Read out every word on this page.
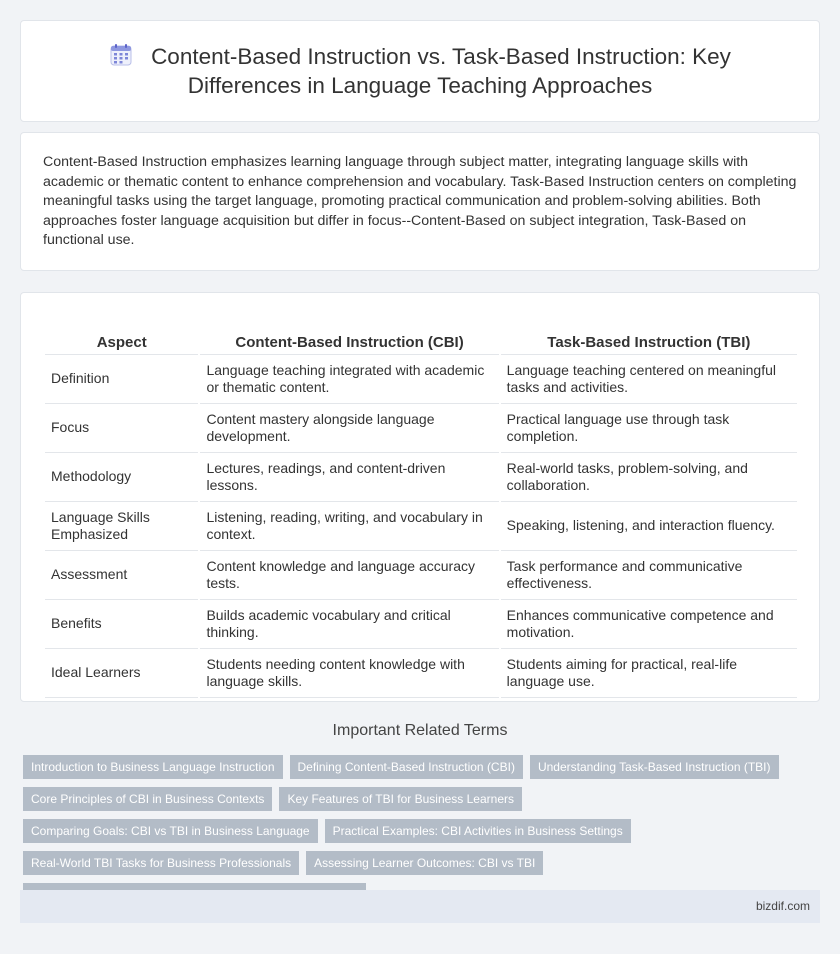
Content-Based Instruction vs. Task-Based Instruction: Key Differences in Language Teaching Approaches

Content-Based Instruction emphasizes learning language through subject matter, integrating language skills with academic or thematic content to enhance comprehension and vocabulary. Task-Based Instruction centers on completing meaningful tasks using the target language, promoting practical communication and problem-solving abilities. Both approaches foster language acquisition but differ in focus--Content-Based on subject integration, Task-Based on functional use.

Aspect	Content-Based Instruction (CBI)	Task-Based Instruction (TBI)
Definition	Language teaching integrated with academic or thematic content.	Language teaching centered on meaningful tasks and activities.
Focus	Content mastery alongside language development.	Practical language use through task completion.
Methodology	Lectures, readings, and content-driven lessons.	Real-world tasks, problem-solving, and collaboration.
Language Skills Emphasized	Listening, reading, writing, and vocabulary in context.	Speaking, listening, and interaction fluency.
Assessment	Content knowledge and language accuracy tests.	Task performance and communicative effectiveness.
Benefits	Builds academic vocabulary and critical thinking.	Enhances communicative competence and motivation.
Ideal Learners	Students needing content knowledge with language skills.	Students aiming for practical, real-life language use.
Important Related Terms
Introduction to Business Language Instruction	Defining Content-Based Instruction (CBI)	Understanding Task-Based Instruction (TBI)
Core Principles of CBI in Business Contexts	Key Features of TBI for Business Learners
Comparing Goals: CBI vs TBI in Business Language	Practical Examples: CBI Activities in Business Settings
Real-World TBI Tasks for Business Professionals	Assessing Learner Outcomes: CBI vs TBI
bizdif.com
